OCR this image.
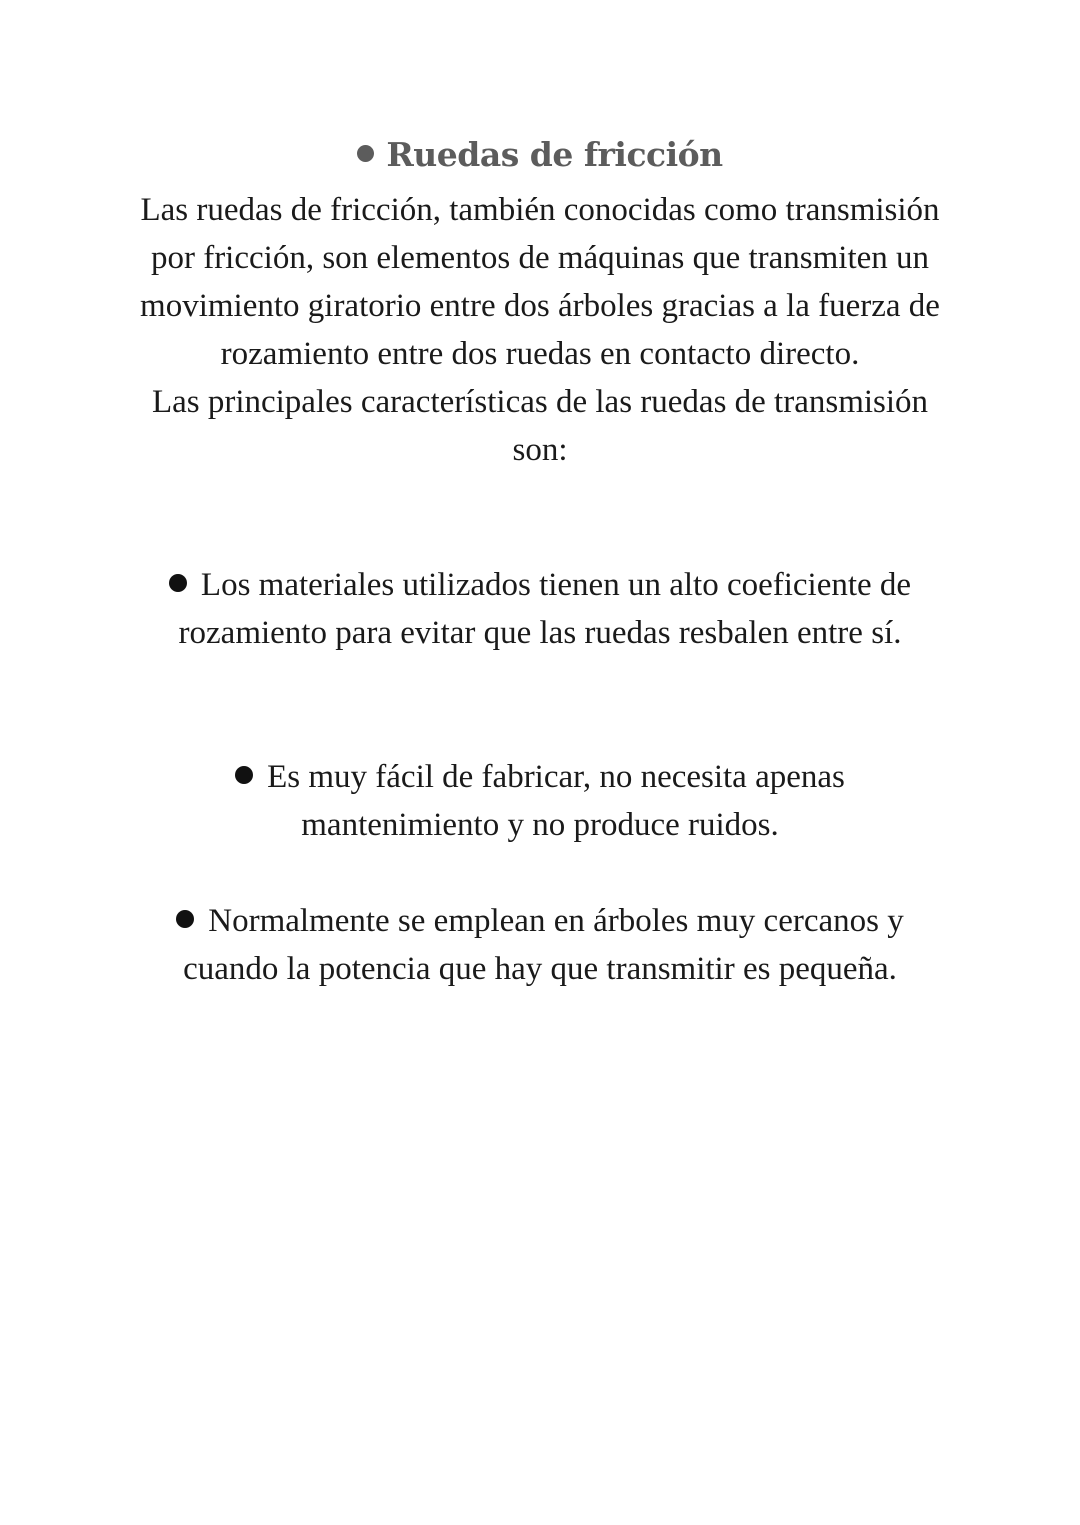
Ruedas de fricción

Las ruedas de fricción, también conocidas como transmisión por fricción, son elementos de máquinas que transmiten un movimiento giratorio entre dos árboles gracias a la fuerza de rozamiento entre dos ruedas en contacto directo.

Las principales características de las ruedas de transmisión son:

Los materiales utilizados tienen un alto coeficiente de rozamiento para evitar que las ruedas resbalen entre sí.
Es muy fácil de fabricar, no necesita apenas mantenimiento y no produce ruidos.
Normalmente se emplean en árboles muy cercanos y cuando la potencia que hay que transmitir es pequeña.
